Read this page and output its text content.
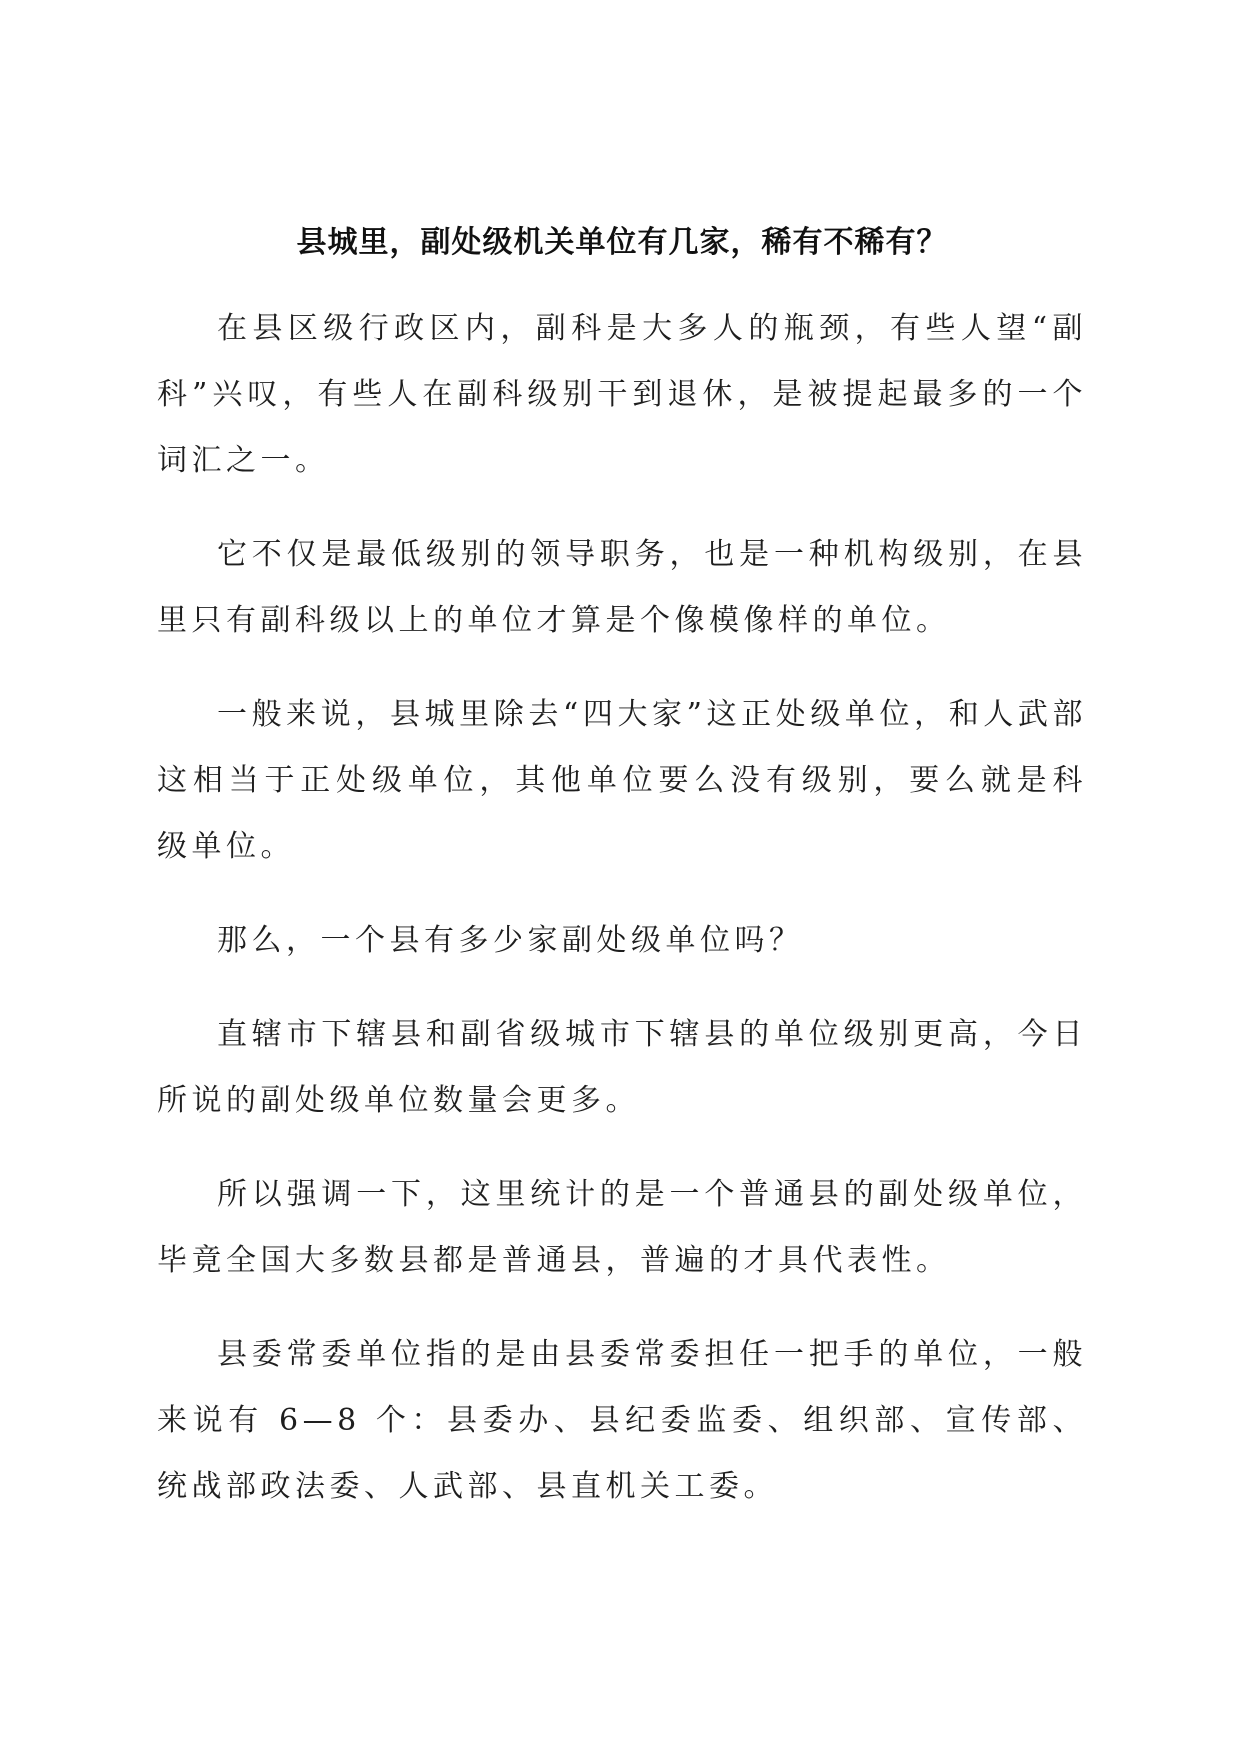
县城里，副处级机关单位有几家，稀有不稀有？

在县区级行政区内，副科是大多人的瓶颈，有些人望“副科”兴叹，有些人在副科级别干到退休，是被提起最多的一个词汇之一。

它不仅是最低级别的领导职务，也是一种机构级别，在县里只有副科级以上的单位才算是个像模像样的单位。

一般来说，县城里除去“四大家”这正处级单位，和人武部这相当于正处级单位，其他单位要么没有级别，要么就是科级单位。

那么，一个县有多少家副处级单位吗？

直辖市下辖县和副省级城市下辖县的单位级别更高，今日所说的副处级单位数量会更多。

所以强调一下，这里统计的是一个普通县的副处级单位，毕竟全国大多数县都是普通县，普遍的才具代表性。

县委常委单位指的是由县委常委担任一把手的单位，一般来说有 6—8 个：县委办、县纪委监委、组织部、宣传部、统战部政法委、人武部、县直机关工委。
